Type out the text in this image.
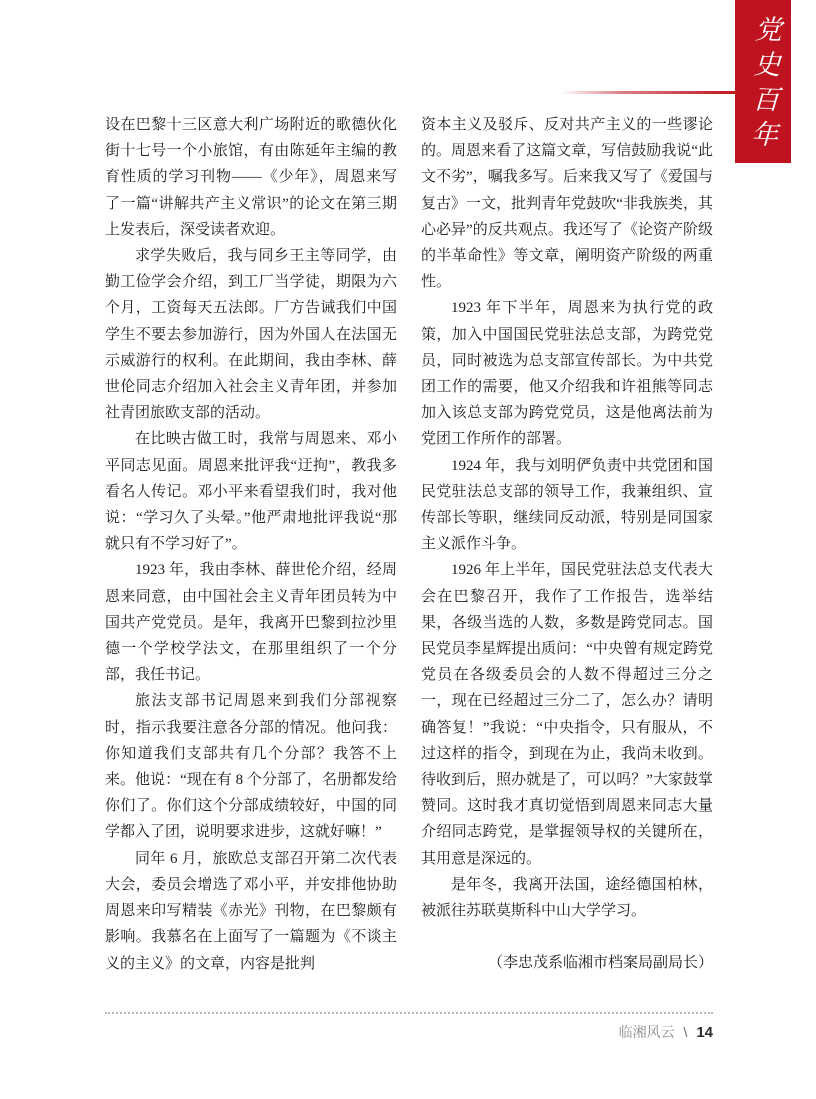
党史百年

设在巴黎十三区意大利广场附近的歌德伙化街十七号一个小旅馆，有由陈延年主编的教育性质的学习刊物——《少年》，周恩来写了一篇“讲解共产主义常识”的论文在第三期上发表后，深受读者欢迎。

求学失败后，我与同乡王主等同学，由勤工俭学会介绍，到工厂当学徒，期限为六个月，工资每天五法郎。厂方告诫我们中国学生不要去参加游行，因为外国人在法国无示威游行的权利。在此期间，我由李林、薛世伦同志介绍加入社会主义青年团，并参加社青团旅欧支部的活动。

在比映古做工时，我常与周恩来、邓小平同志见面。周恩来批评我“迂拘”，教我多看名人传记。邓小平来看望我们时，我对他说：“学习久了头晕。”他严肃地批评我说“那就只有不学习好了”。

1923 年，我由李林、薛世伦介绍，经周恩来同意，由中国社会主义青年团员转为中国共产党党员。是年，我离开巴黎到拉沙里德一个学校学法文，在那里组织了一个分部，我任书记。

旅法支部书记周恩来到我们分部视察时，指示我要注意各分部的情况。他问我：你知道我们支部共有几个分部？我答不上来。他说：“现在有 8 个分部了，名册都发给你们了。你们这个分部成绩较好，中国的同学都入了团，说明要求进步，这就好嘛！”

同年 6 月，旅欧总支部召开第二次代表大会，委员会增选了邓小平，并安排他协助周恩来印写精装《赤光》刊物，在巴黎颇有影响。我慕名在上面写了一篇题为《不谈主义的主义》的文章，内容是批判

资本主义及驳斥、反对共产主义的一些谬论的。周恩来看了这篇文章，写信鼓励我说“此文不劣”，嘱我多写。后来我又写了《爱国与复古》一文，批判青年党鼓吹“非我族类，其心必异”的反共观点。我还写了《论资产阶级的半革命性》等文章，阐明资产阶级的两重性。

1923 年下半年，周恩来为执行党的政策，加入中国国民党驻法总支部，为跨党党员，同时被选为总支部宣传部长。为中共党团工作的需要，他又介绍我和许祖熊等同志加入该总支部为跨党党员，这是他离法前为党团工作所作的部署。

1924 年，我与刘明俨负责中共党团和国民党驻法总支部的领导工作，我兼组织、宣传部长等职，继续同反动派，特别是同国家主义派作斗争。

1926 年上半年，国民党驻法总支代表大会在巴黎召开，我作了工作报告，选举结果，各级当选的人数，多数是跨党同志。国民党员李星辉提出质问：“中央曾有规定跨党党员在各级委员会的人数不得超过三分之一，现在已经超过三分二了，怎么办？请明确答复！”我说：“中央指令，只有服从，不过这样的指令，到现在为止，我尚未收到。待收到后，照办就是了，可以吗？”大家鼓掌赞同。这时我才真切觉悟到周恩来同志大量介绍同志跨党，是掌握领导权的关键所在，其用意是深远的。

是年冬，我离开法国，途经德国柏林，被派往苏联莫斯科中山大学学习。

（李忠茂系临湘市档案局副局长）

临湘风云 \ 14
